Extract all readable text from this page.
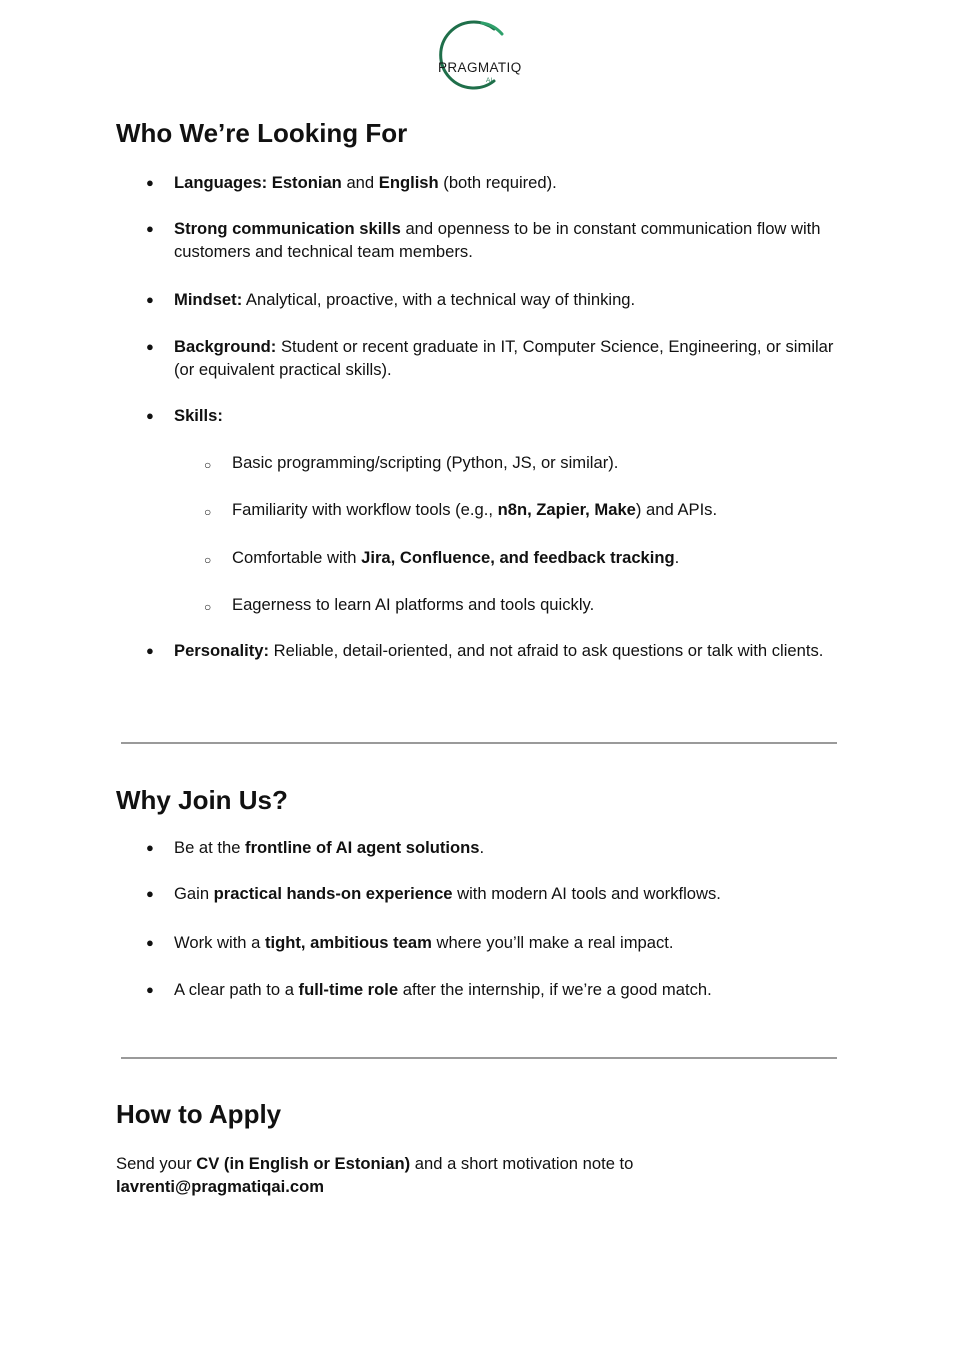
PRAGMATIQ
AI
Who We’re Looking For
● Languages: Estonian and English (both required).
● Strong communication skills and openness to be in constant communication flow with customers and technical team members.
● Mindset: Analytical, proactive, with a technical way of thinking.
● Background: Student or recent graduate in IT, Computer Science, Engineering, or similar (or equivalent practical skills).
● Skills:
○ Basic programming/scripting (Python, JS, or similar).
○ Familiarity with workflow tools (e.g., n8n, Zapier, Make) and APIs.
○ Comfortable with Jira, Confluence, and feedback tracking.
○ Eagerness to learn AI platforms and tools quickly.
● Personality: Reliable, detail-oriented, and not afraid to ask questions or talk with clients.
Why Join Us?
● Be at the frontline of AI agent solutions.
● Gain practical hands-on experience with modern AI tools and workflows.
● Work with a tight, ambitious team where you’ll make a real impact.
● A clear path to a full-time role after the internship, if we’re a good match.
How to Apply
Send your CV (in English or Estonian) and a short motivation note to
lavrenti@pragmatiqai.com
